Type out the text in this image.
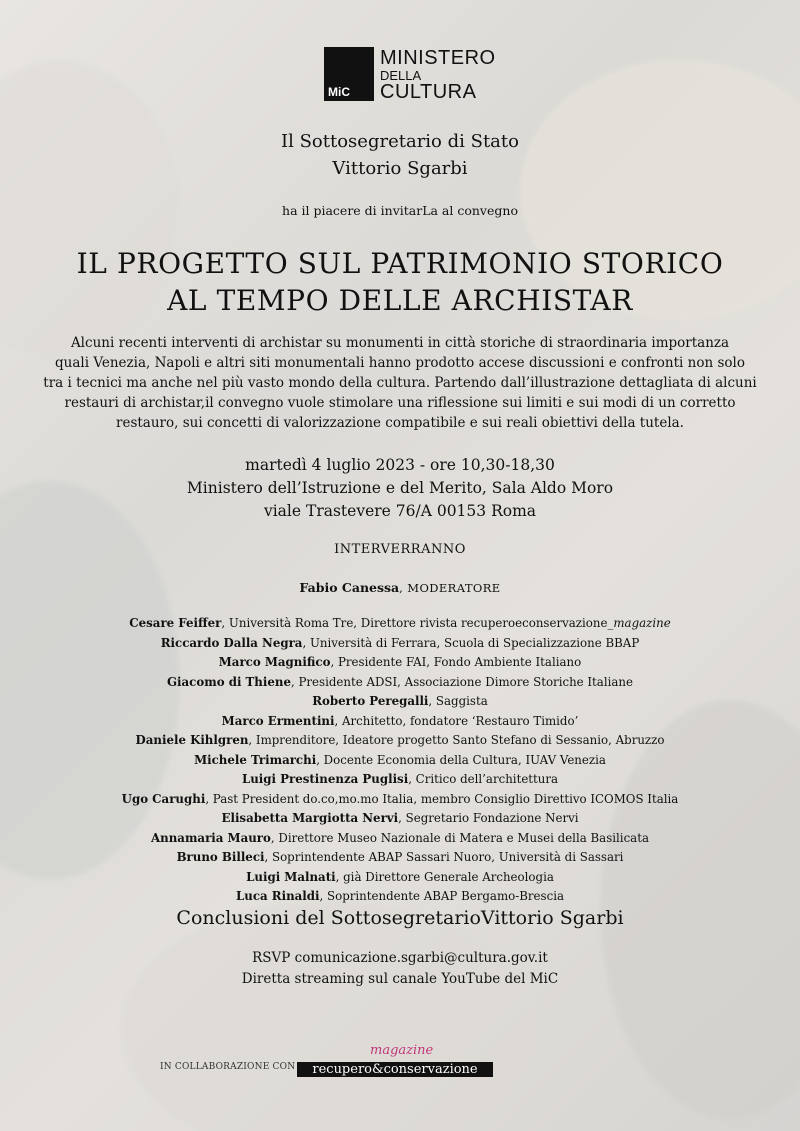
MiC
MINISTERO
DELLA
CULTURA
Il Sottosegretario di Stato
Vittorio Sgarbi
ha il piacere di invitarLa al convegno
IL PROGETTO SUL PATRIMONIO STORICO
AL TEMPO DELLE ARCHISTAR
Alcuni recenti interventi di archistar su monumenti in città storiche di straordinaria importanza
quali Venezia, Napoli e altri siti monumentali hanno prodotto accese discussioni e confronti non solo
tra i tecnici ma anche nel più vasto mondo della cultura. Partendo dall’illustrazione dettagliata di alcuni
restauri di archistar,il convegno vuole stimolare una riflessione sui limiti e sui modi di un corretto
restauro, sui concetti di valorizzazione compatibile e sui reali obiettivi della tutela.
martedì 4 luglio 2023 - ore 10,30-18,30
Ministero dell’Istruzione e del Merito, Sala Aldo Moro
viale Trastevere 76/A 00153 Roma
INTERVERRANNO
Fabio Canessa, MODERATORE
Cesare Feiffer, Università Roma Tre, Direttore rivista recuperoeconservazione_magazine
Riccardo Dalla Negra, Università di Ferrara, Scuola di Specializzazione BBAP
Marco Magnifico, Presidente FAI, Fondo Ambiente Italiano
Giacomo di Thiene, Presidente ADSI, Associazione Dimore Storiche Italiane
Roberto Peregalli, Saggista
Marco Ermentini, Architetto, fondatore ‘Restauro Timido’
Daniele Kihlgren, Imprenditore, Ideatore progetto Santo Stefano di Sessanio, Abruzzo
Michele Trimarchi, Docente Economia della Cultura, IUAV Venezia
Luigi Prestinenza Puglisi, Critico dell’architettura
Ugo Carughi, Past President do.co,mo.mo Italia, membro Consiglio Direttivo ICOMOS Italia
Elisabetta Margiotta Nervi, Segretario Fondazione Nervi
Annamaria Mauro, Direttore Museo Nazionale di Matera e Musei della Basilicata
Bruno Billeci, Soprintendente ABAP Sassari Nuoro, Università di Sassari
Luigi Malnati, già Direttore Generale Archeologia
Luca Rinaldi, Soprintendente ABAP Bergamo-Brescia
Conclusioni del SottosegretarioVittorio Sgarbi
RSVP comunicazione.sgarbi@cultura.gov.it
Diretta streaming sul canale YouTube del MiC
IN COLLABORAZIONE CON
magazine
recupero&conservazione
